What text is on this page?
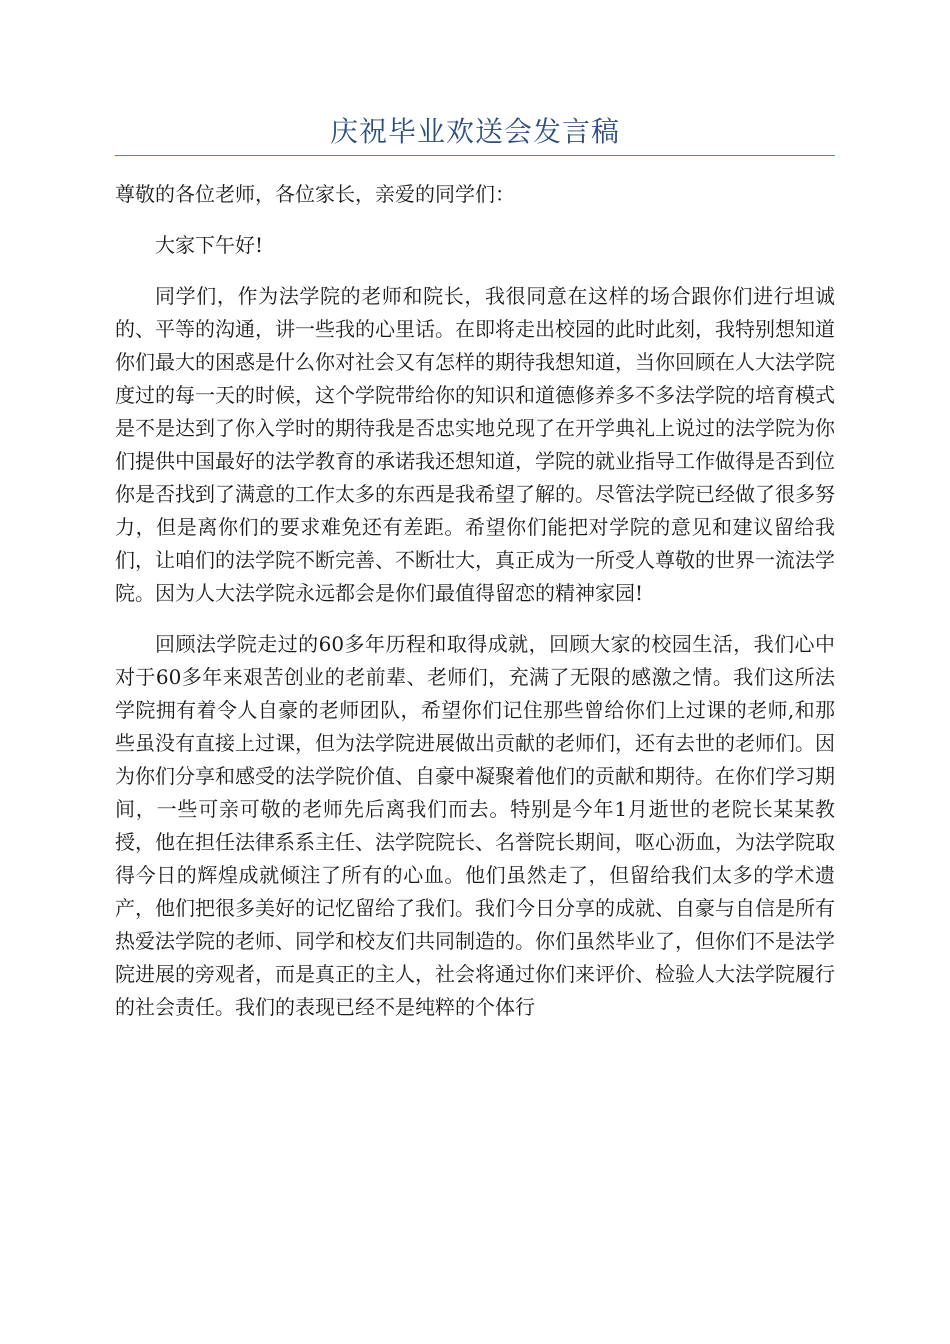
庆祝毕业欢送会发言稿

尊敬的各位老师，各位家长，亲爱的同学们：

大家下午好!

同学们，作为法学院的老师和院长，我很同意在这样的场合跟你们进行坦诚的、平等的沟通，讲一些我的心里话。在即将走出校园的此时此刻，我特别想知道你们最大的困惑是什么你对社会又有怎样的期待我想知道，当你回顾在人大法学院度过的每一天的时候，这个学院带给你的知识和道德修养多不多法学院的培育模式是不是达到了你入学时的期待我是否忠实地兑现了在开学典礼上说过的法学院为你们提供中国最好的法学教育的承诺我还想知道，学院的就业指导工作做得是否到位你是否找到了满意的工作太多的东西是我希望了解的。尽管法学院已经做了很多努力，但是离你们的要求难免还有差距。希望你们能把对学院的意见和建议留给我们，让咱们的法学院不断完善、不断壮大，真正成为一所受人尊敬的世界一流法学院。因为人大法学院永远都会是你们最值得留恋的精神家园!

回顾法学院走过的60多年历程和取得成就，回顾大家的校园生活，我们心中对于60多年来艰苦创业的老前辈、老师们，充满了无限的感激之情。我们这所法学院拥有着令人自豪的老师团队，希望你们记住那些曾给你们上过课的老师,和那些虽没有直接上过课，但为法学院进展做出贡献的老师们，还有去世的老师们。因为你们分享和感受的法学院价值、自豪中凝聚着他们的贡献和期待。在你们学习期间，一些可亲可敬的老师先后离我们而去。特别是今年1月逝世的老院长某某教授，他在担任法律系系主任、法学院院长、名誉院长期间，呕心沥血，为法学院取得今日的辉煌成就倾注了所有的心血。他们虽然走了，但留给我们太多的学术遗产，他们把很多美好的记忆留给了我们。我们今日分享的成就、自豪与自信是所有热爱法学院的老师、同学和校友们共同制造的。你们虽然毕业了，但你们不是法学院进展的旁观者，而是真正的主人，社会将通过你们来评价、检验人大法学院履行的社会责任。我们的表现已经不是纯粹的个体行
